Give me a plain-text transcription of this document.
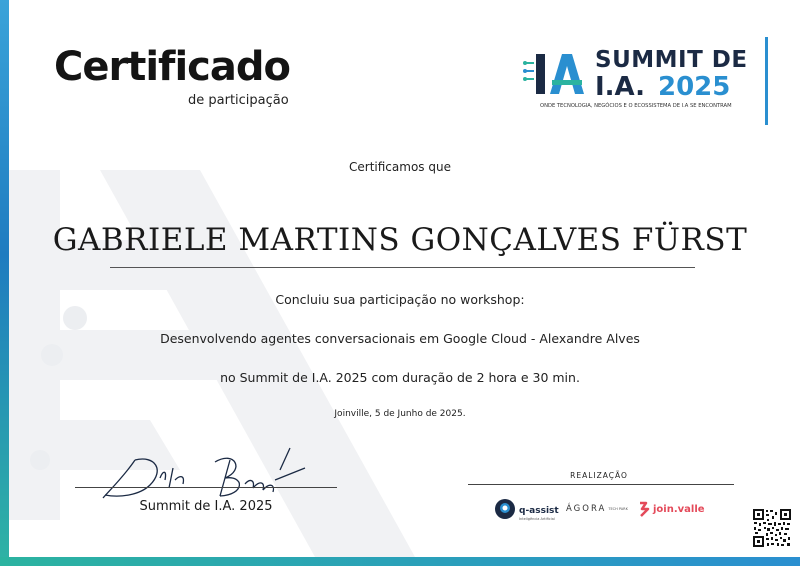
Certificado
de participação
SUMMIT DE
I.A. 2025
ONDE TECNOLOGIA, NEGÓCIOS E O ECOSSISTEMA DE I.A SE ENCONTRAM
Certificamos que
GABRIELE MARTINS GONÇALVES FÜRST
Concluiu sua participação no workshop:
Desenvolvendo agentes conversacionais em Google Cloud - Alexandre Alves
no Summit de I.A. 2025 com duração de 2 hora e 30 min.
Joinville, 5 de Junho de 2025.
Summit de I.A. 2025
REALIZAÇÃO
q-assist
Inteligência Artificial
ÁGORA TECH PARK	join.valle
